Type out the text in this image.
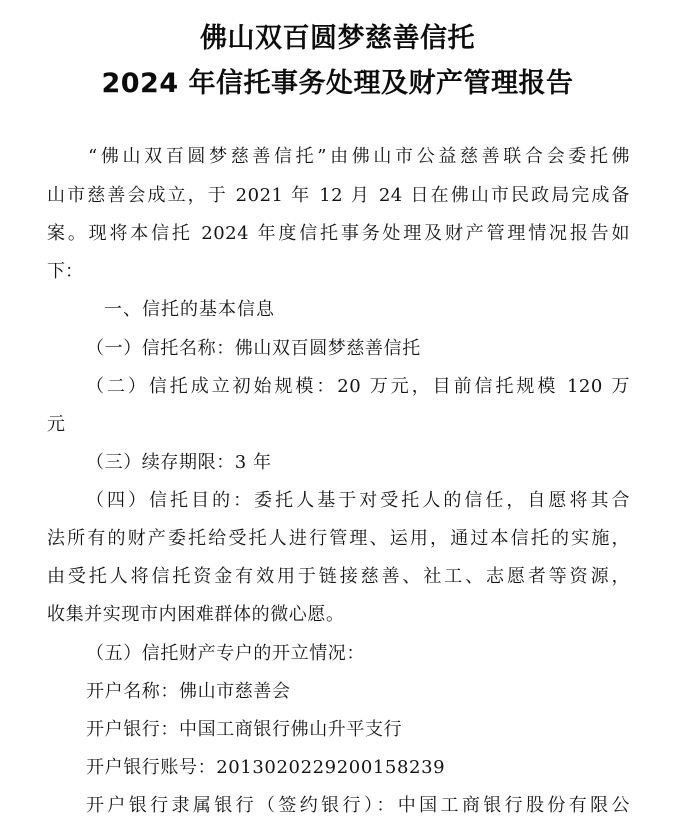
佛山双百圆梦慈善信托
2024 年信托事务处理及财产管理报告
“佛山双百圆梦慈善信托”由佛山市公益慈善联合会委托佛
山市慈善会成立，于 2021 年 12 月 24 日在佛山市民政局完成备
案。现将本信托 2024 年度信托事务处理及财产管理情况报告如
下：
一、信托的基本信息
（一）信托名称：佛山双百圆梦慈善信托
（二）信托成立初始规模：20 万元，目前信托规模 120 万
元
（三）续存期限：3 年
（四）信托目的：委托人基于对受托人的信任，自愿将其合
法所有的财产委托给受托人进行管理、运用，通过本信托的实施，
由受托人将信托资金有效用于链接慈善、社工、志愿者等资源，
收集并实现市内困难群体的微心愿。
（五）信托财产专户的开立情况：
开户名称：佛山市慈善会
开户银行：中国工商银行佛山升平支行
开户银行账号：2013020229200158239
开户银行隶属银行（签约银行）：中国工商银行股份有限公
